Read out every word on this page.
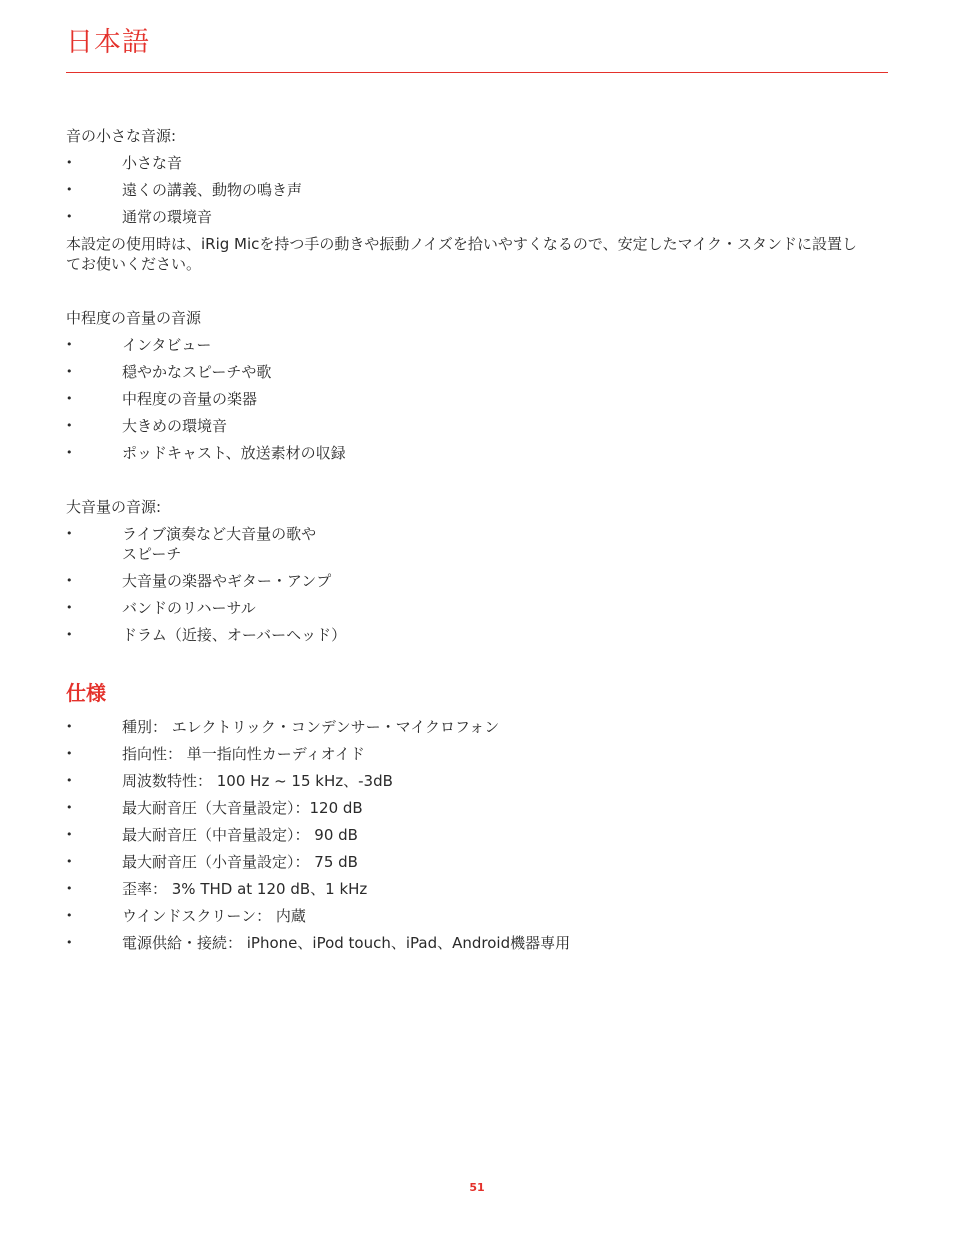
日本語

音の小さな音源:

•	小さな音
•	遠くの講義、動物の鳴き声
•	通常の環境音

本設定の使用時は、iRig Micを持つ手の動きや振動ノイズを拾いやすくなるので、安定したマイク・スタンドに設置し
てお使いください。

中程度の音量の音源

•	インタビュー
•	穏やかなスピーチや歌
•	中程度の音量の楽器
•	大きめの環境音
•	ポッドキャスト、放送素材の収録

大音量の音源:

•	ライブ演奏など大音量の歌や
スピーチ
•	大音量の楽器やギター・アンプ
•	バンドのリハーサル
•	ドラム（近接、オーバーヘッド）
仕様
•	種別： エレクトリック・コンデンサー・マイクロフォン
•	指向性： 単一指向性カーディオイド
•	周波数特性： 100 Hz ~ 15 kHz、-3dB
•	最大耐音圧（大音量設定）：120 dB
•	最大耐音圧（中音量設定）： 90 dB
•	最大耐音圧（小音量設定）： 75 dB
•	歪率： 3% THD at 120 dB、1 kHz
•	ウインドスクリーン： 内蔵
•	電源供給・接続： iPhone、iPod touch、iPad、Android機器専用
51
